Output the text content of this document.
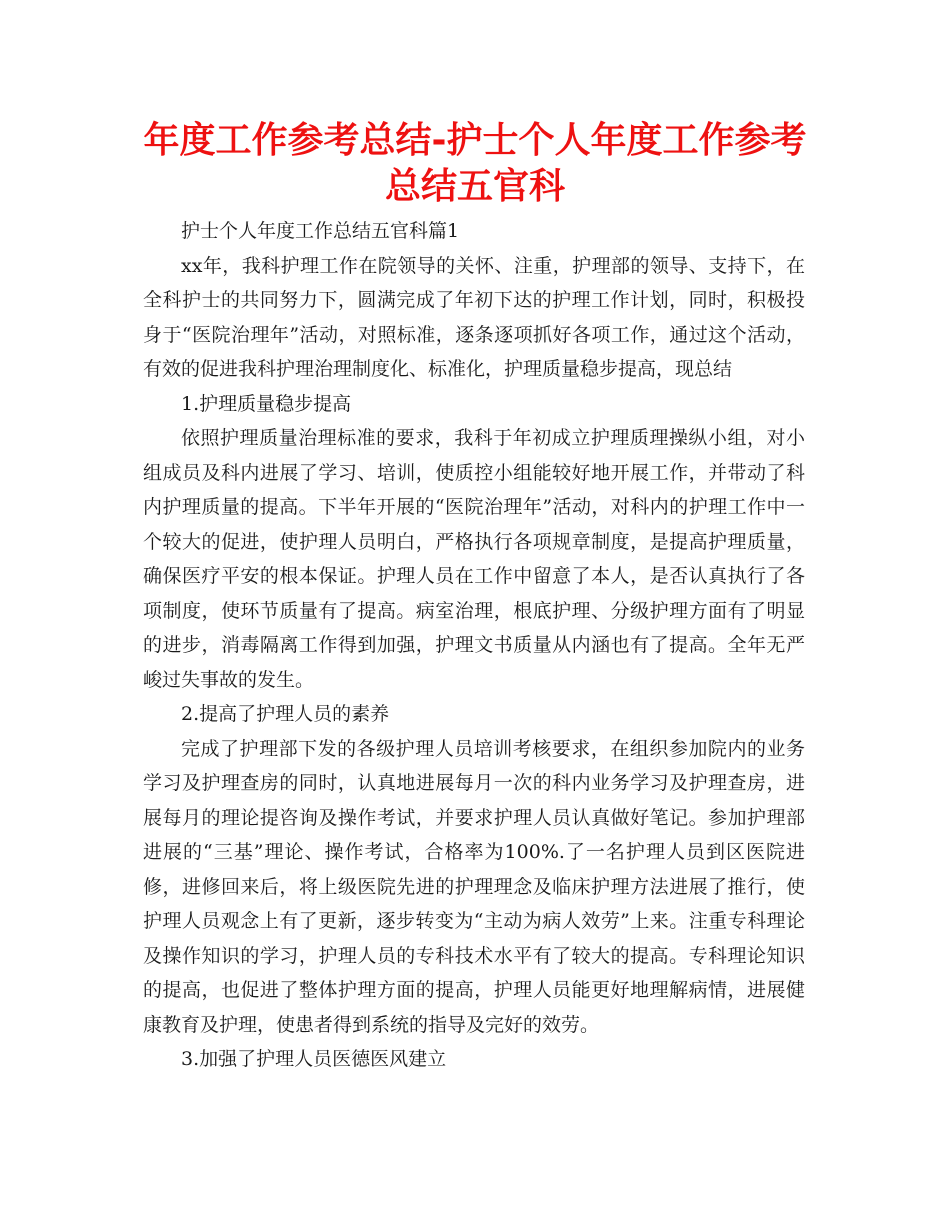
年度工作参考总结-护士个人年度工作参考总结五官科

护士个人年度工作总结五官科篇1

xx年，我科护理工作在院领导的关怀、注重，护理部的领导、支持下，在全科护士的共同努力下，圆满完成了年初下达的护理工作计划，同时，积极投身于“医院治理年”活动，对照标准，逐条逐项抓好各项工作，通过这个活动，有效的促进我科护理治理制度化、标准化，护理质量稳步提高，现总结

1.护理质量稳步提高

依照护理质量治理标准的要求，我科于年初成立护理质理操纵小组，对小组成员及科内进展了学习、培训，使质控小组能较好地开展工作，并带动了科内护理质量的提高。下半年开展的“医院治理年”活动，对科内的护理工作中一个较大的促进，使护理人员明白，严格执行各项规章制度，是提高护理质量，确保医疗平安的根本保证。护理人员在工作中留意了本人，是否认真执行了各项制度，使环节质量有了提高。病室治理，根底护理、分级护理方面有了明显的进步，消毒隔离工作得到加强，护理文书质量从内涵也有了提高。全年无严峻过失事故的发生。

2.提高了护理人员的素养

完成了护理部下发的各级护理人员培训考核要求，在组织参加院内的业务学习及护理查房的同时，认真地进展每月一次的科内业务学习及护理查房，进展每月的理论提咨询及操作考试，并要求护理人员认真做好笔记。参加护理部进展的“三基”理论、操作考试，合格率为100%.了一名护理人员到区医院进修，进修回来后，将上级医院先进的护理理念及临床护理方法进展了推行，使护理人员观念上有了更新，逐步转变为“主动为病人效劳”上来。注重专科理论及操作知识的学习，护理人员的专科技术水平有了较大的提高。专科理论知识的提高，也促进了整体护理方面的提高，护理人员能更好地理解病情，进展健康教育及护理，使患者得到系统的指导及完好的效劳。

3.加强了护理人员医德医风建立
